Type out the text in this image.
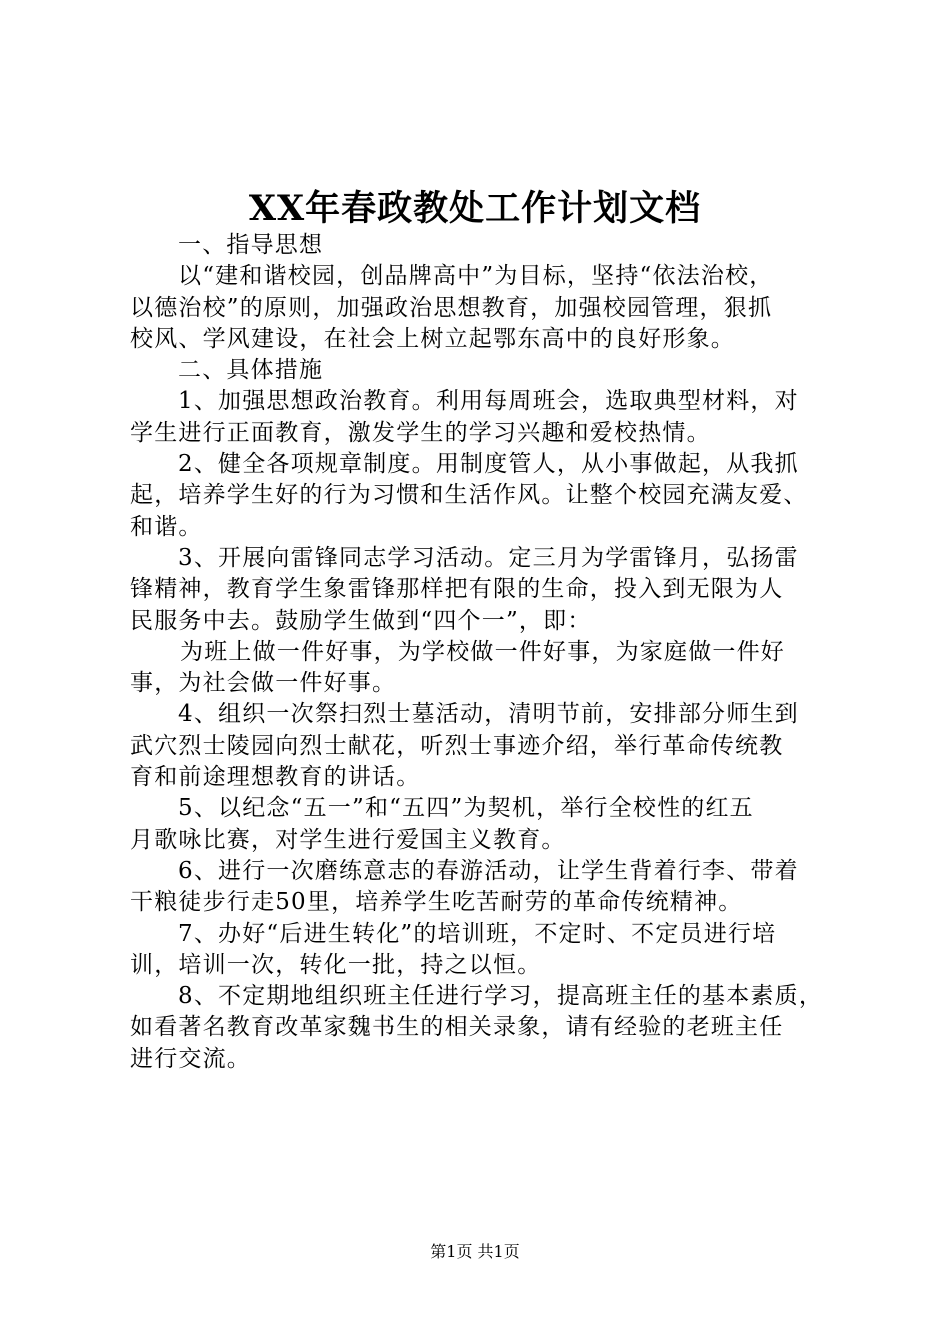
XX年春政教处工作计划文档
一、指导思想
以“建和谐校园，创品牌高中”为目标，坚持“依法治校，
以德治校”的原则，加强政治思想教育，加强校园管理，狠抓
校风、学风建设，在社会上树立起鄂东高中的良好形象。
二、具体措施
1、加强思想政治教育。利用每周班会，选取典型材料，对
学生进行正面教育，激发学生的学习兴趣和爱校热情。
2、健全各项规章制度。用制度管人，从小事做起，从我抓
起，培养学生好的行为习惯和生活作风。让整个校园充满友爱、
和谐。
3、开展向雷锋同志学习活动。定三月为学雷锋月，弘扬雷
锋精神，教育学生象雷锋那样把有限的生命，投入到无限为人
民服务中去。鼓励学生做到“四个一”，即：
为班上做一件好事，为学校做一件好事，为家庭做一件好
事，为社会做一件好事。
4、组织一次祭扫烈士墓活动，清明节前，安排部分师生到
武穴烈士陵园向烈士献花，听烈士事迹介绍，举行革命传统教
育和前途理想教育的讲话。
5、以纪念“五一”和“五四”为契机，举行全校性的红五
月歌咏比赛，对学生进行爱国主义教育。
6、进行一次磨练意志的春游活动，让学生背着行李、带着
干粮徒步行走50里，培养学生吃苦耐劳的革命传统精神。
7、办好“后进生转化”的培训班，不定时、不定员进行培
训，培训一次，转化一批，持之以恒。
8、不定期地组织班主任进行学习，提高班主任的基本素质，
如看著名教育改革家魏书生的相关录象，请有经验的老班主任
进行交流。
第1页 共1页
